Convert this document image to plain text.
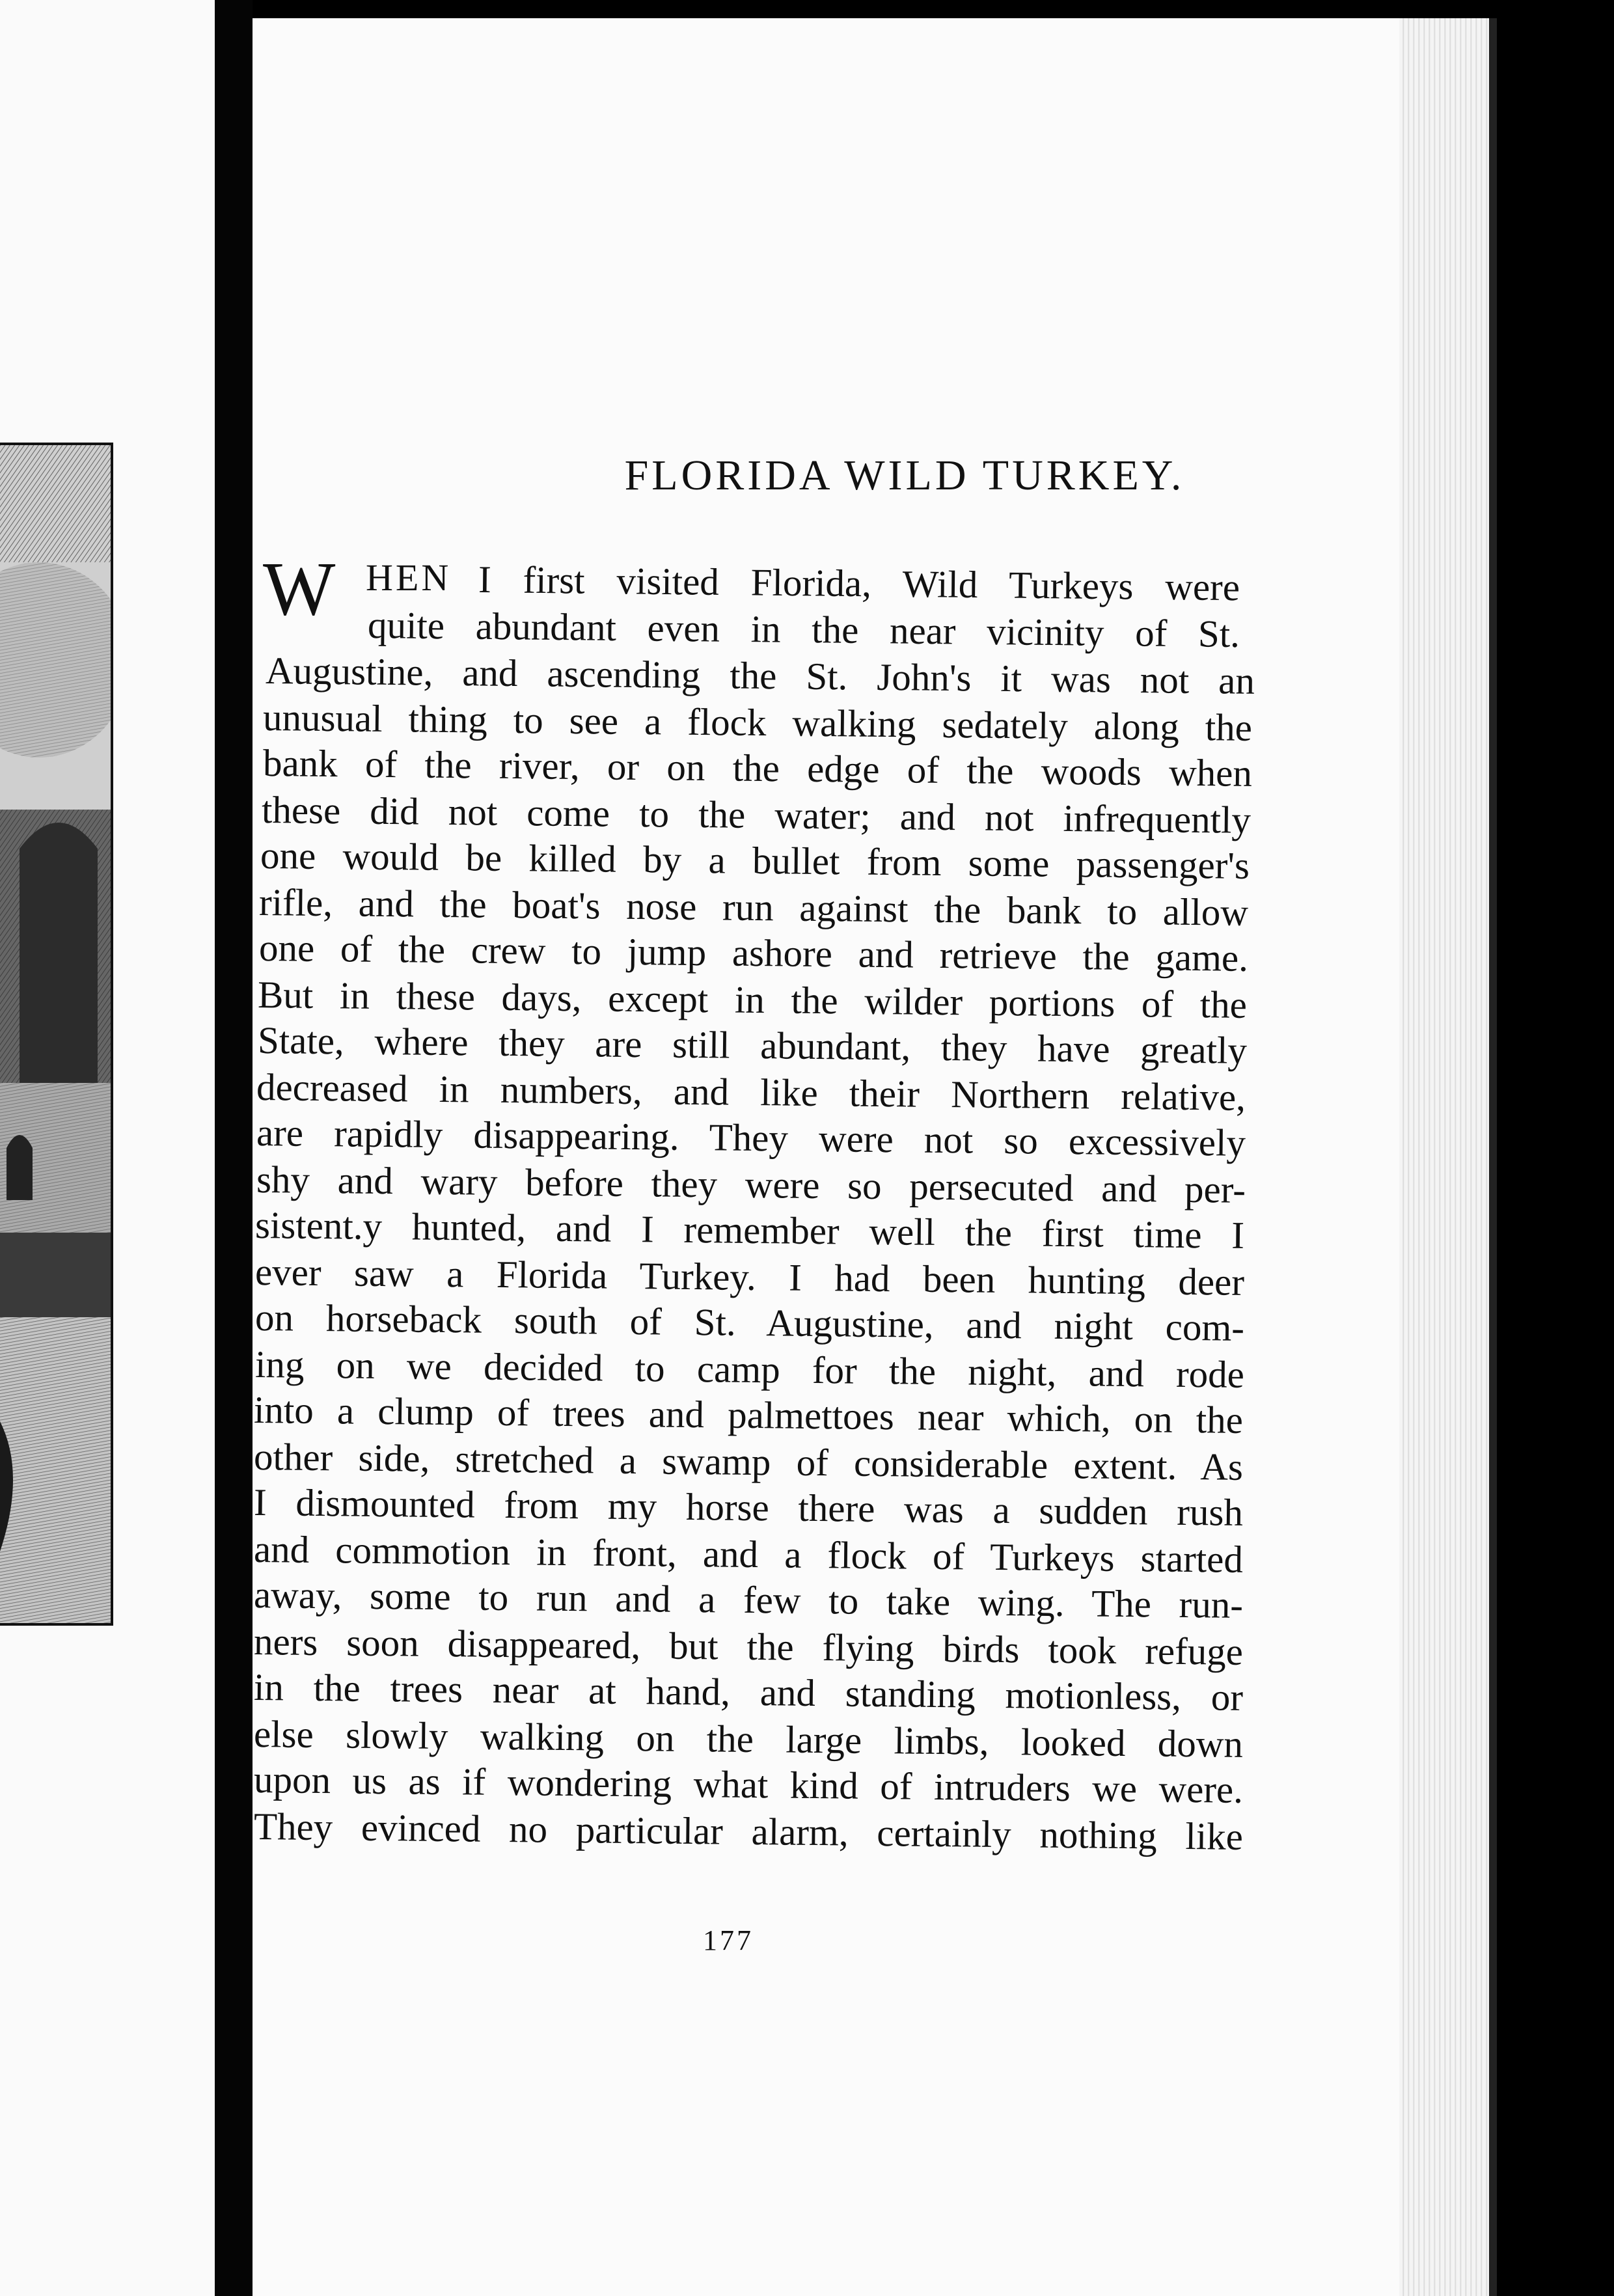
FLORIDA WILD TURKEY.
W HEN I first visited Florida, Wild Turkeys were
quite abundant even in the near vicinity of St.
Augustine, and ascending the St. John's it was not an
unusual thing to see a flock walking sedately along the
bank of the river, or on the edge of the woods when
these did not come to the water; and not infrequently
one would be killed by a bullet from some passenger's
rifle, and the boat's nose run against the bank to allow
one of the crew to jump ashore and retrieve the game.
But in these days, except in the wilder portions of the
State, where they are still abundant, they have greatly
decreased in numbers, and like their Northern relative,
are rapidly disappearing. They were not so excessively
shy and wary before they were so persecuted and per-
sistent.y hunted, and I remember well the first time I
ever saw a Florida Turkey. I had been hunting deer
on horseback south of St. Augustine, and night com-
ing on we decided to camp for the night, and rode
into a clump of trees and palmettoes near which, on the
other side, stretched a swamp of considerable extent. As
I dismounted from my horse there was a sudden rush
and commotion in front, and a flock of Turkeys started
away, some to run and a few to take wing. The run-
ners soon disappeared, but the flying birds took refuge
in the trees near at hand, and standing motionless, or
else slowly walking on the large limbs, looked down
upon us as if wondering what kind of intruders we were.
They evinced no particular alarm, certainly nothing like
177
